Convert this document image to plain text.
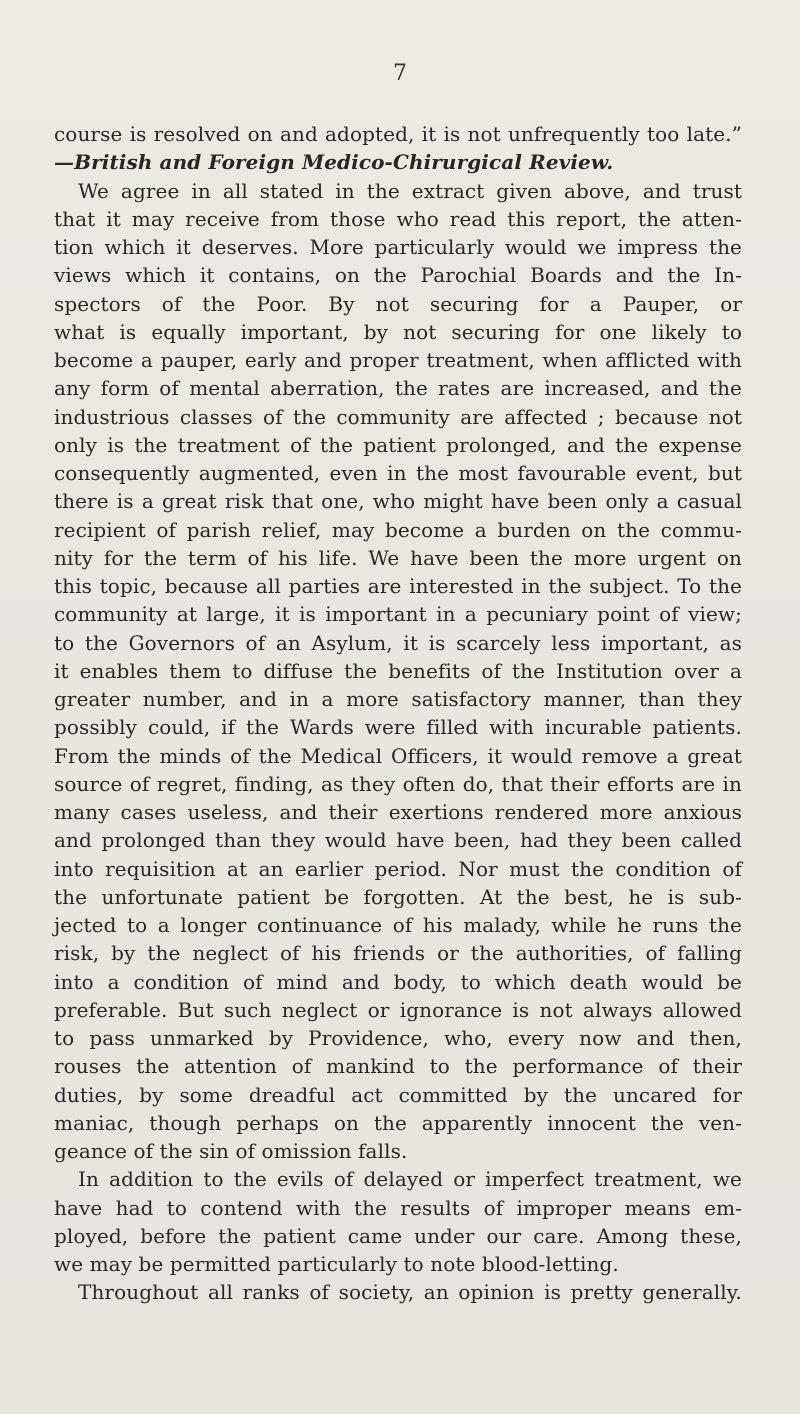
7
course is resolved on and adopted, it is not unfrequently too late.”
—British and Foreign Medico-Chirurgical Review.
We agree in all stated in the extract given above, and trust
that it may receive from those who read this report, the atten-
tion which it deserves. More particularly would we impress the
views which it contains, on the Parochial Boards and the In-
spectors of the Poor. By not securing for a Pauper, or
what is equally important, by not securing for one likely to
become a pauper, early and proper treatment, when afflicted with
any form of mental aberration, the rates are increased, and the
industrious classes of the community are affected ; because not
only is the treatment of the patient prolonged, and the expense
consequently augmented, even in the most favourable event, but
there is a great risk that one, who might have been only a casual
recipient of parish relief, may become a burden on the commu-
nity for the term of his life. We have been the more urgent on
this topic, because all parties are interested in the subject. To the
community at large, it is important in a pecuniary point of view;
to the Governors of an Asylum, it is scarcely less important, as
it enables them to diffuse the benefits of the Institution over a
greater number, and in a more satisfactory manner, than they
possibly could, if the Wards were filled with incurable patients.
From the minds of the Medical Officers, it would remove a great
source of regret, finding, as they often do, that their efforts are in
many cases useless, and their exertions rendered more anxious
and prolonged than they would have been, had they been called
into requisition at an earlier period. Nor must the condition of
the unfortunate patient be forgotten. At the best, he is sub-
jected to a longer continuance of his malady, while he runs the
risk, by the neglect of his friends or the authorities, of falling
into a condition of mind and body, to which death would be
preferable. But such neglect or ignorance is not always allowed
to pass unmarked by Providence, who, every now and then,
rouses the attention of mankind to the performance of their
duties, by some dreadful act committed by the uncared for
maniac, though perhaps on the apparently innocent the ven-
geance of the sin of omission falls.
In addition to the evils of delayed or imperfect treatment, we
have had to contend with the results of improper means em-
ployed, before the patient came under our care. Among these,
we may be permitted particularly to note blood-letting.
Throughout all ranks of society, an opinion is pretty generally.
